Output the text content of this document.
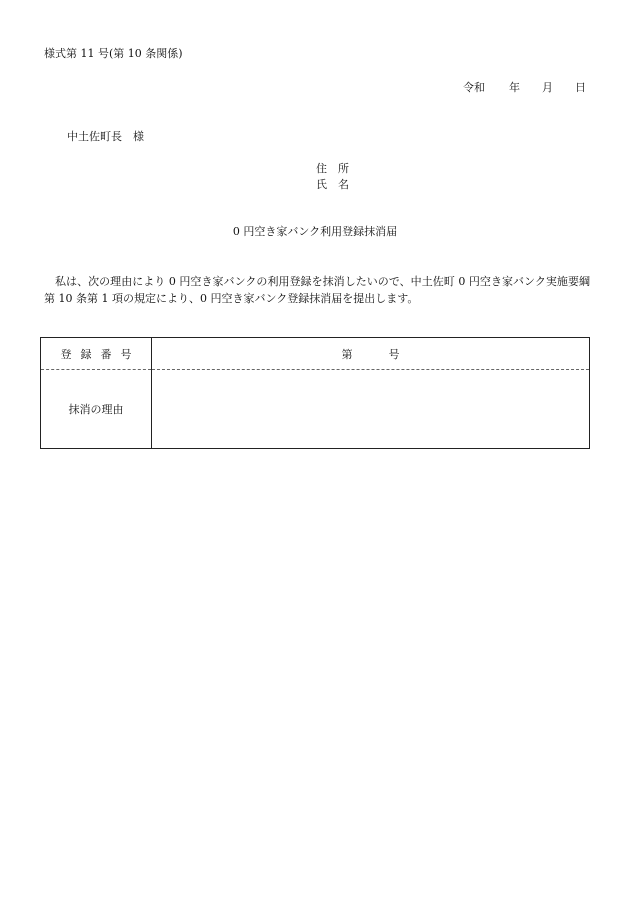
様式第 11 号(第 10 条関係)
令和 年 月 日
中土佐町長　様
住所
氏名
0 円空き家バンク利用登録抹消届
私は、次の理由により 0 円空き家バンクの利用登録を抹消したいので、中土佐町 0 円空き家バンク実施要綱第 10 条第 1 項の規定により、0 円空き家バンク登録抹消届を提出します。
登録番号	第 号
抹消の理由	
